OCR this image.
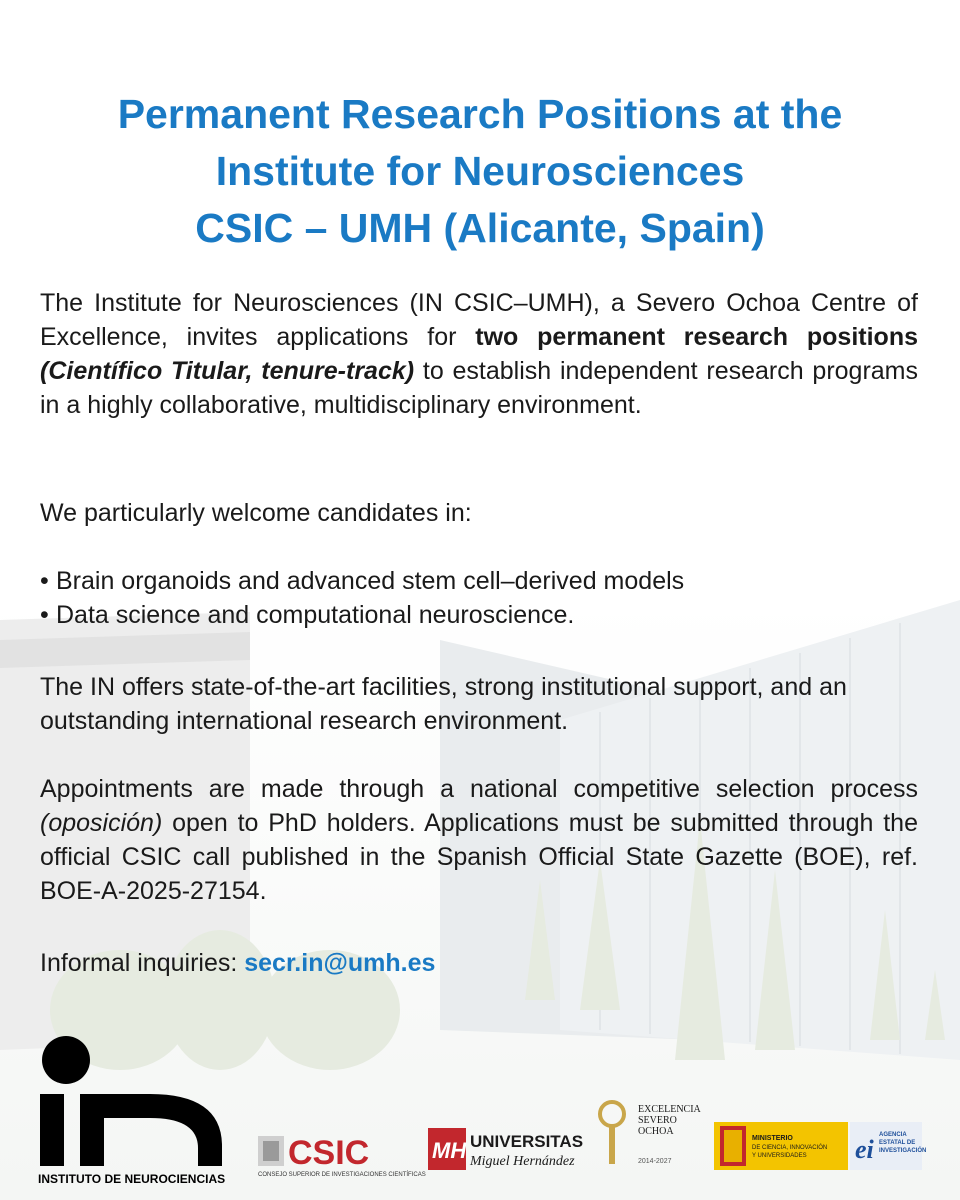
Permanent Research Positions at the
Institute for Neurosciences
CSIC – UMH (Alicante, Spain)

The Institute for Neurosciences (IN CSIC–UMH), a Severo Ochoa Centre of Excellence, invites applications for two permanent research positions (Científico Titular, tenure-track) to establish independent research programs in a highly collaborative, multidisciplinary environment.

We particularly welcome candidates in:

• Brain organoids and advanced stem cell–derived models
• Data science and computational neuroscience.

The IN offers state-of-the-art facilities, strong institutional support, and an outstanding international research environment.

Appointments are made through a national competitive selection process (oposición) open to PhD holders. Applications must be submitted through the official CSIC call published in the Spanish Official State Gazette (BOE), ref. BOE-A-2025-27154.

Informal inquiries: secr.in@umh.es

INSTITUTO DE NEUROCIENCIAS
CSIC
CONSEJO SUPERIOR DE INVESTIGACIONES CIENTÍFICAS
MH UNIVERSITAS
Miguel Hernández
EXCELENCIA
SEVERO
OCHOA
2014-2027
MINISTERIO
DE CIENCIA, INNOVACIÓN
Y UNIVERSIDADES ei AGENCIA
ESTATAL DE
INVESTIGACIÓN
